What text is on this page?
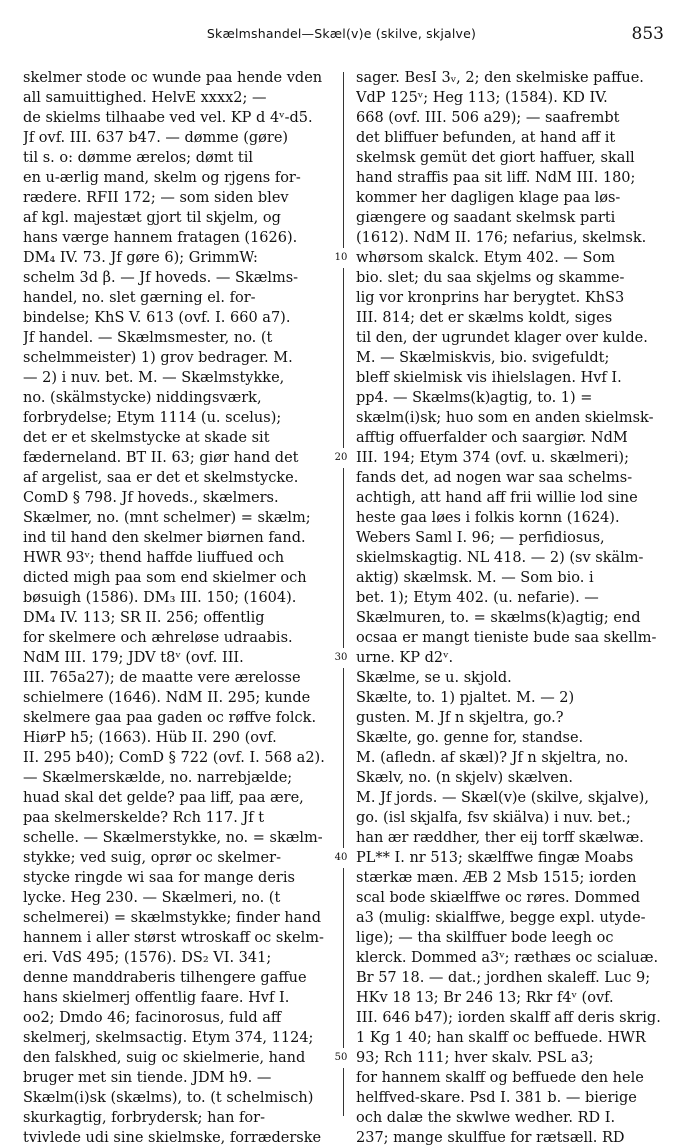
Skælmshandel—Skæl(v)e (skilve, skjalve)	853
skelmer stode oc wunde paa hende vden
all samuittighed. HelvE xxxx2; —
de skielms tilhaabe ved vel. KP d 4ᵛ-d5.
Jf ovf. III. 637 b47. — dømme (gøre)
til s. o: dømme ærelos; dømt til
en u-ærlig mand, skelm og rjgens for-
rædere. RFII 172; — som siden blev
af kgl. majestæt gjort til skjelm, og
hans værge hannem fratagen (1626).
DM₄ IV. 73. Jf gøre 6); GrimmW:
schelm 3d β. — Jf hoveds. — Skælms-
handel, no. slet gærning el. for-
bindelse; KhS V. 613 (ovf. I. 660 a7).
Jf handel. — Skælmsmester, no. (t
schelmmeister) 1) grov bedrager. M.
— 2) i nuv. bet. M. — Skælmstykke,
no. (skälmstycke) niddingsværk,
forbrydelse; Etym 1114 (u. scelus);
det er et skelmstycke at skade sit
fæderneland. BT II. 63; giør hand det
af argelist, saa er det et skelmstycke.
ComD § 798. Jf hoveds., skælmers.
Skælmer, no. (mnt schelmer) = skælm;
ind til hand den skelmer biørnen fand.
HWR 93ᵛ; thend haffde liuffued och
dicted migh paa som end skielmer och
bøsuigh (1586). DM₃ III. 150; (1604).
DM₄ IV. 113; SR II. 256; offentlig
for skelmere och æhreløse udraabis.
NdM III. 179; JDV t8ᵛ (ovf. III.
III. 765a27); de maatte vere ærelosse
schielmere (1646). NdM II. 295; kunde
skelmere gaa paa gaden oc røffve folck.
HiørP h5; (1663). Hüb II. 290 (ovf.
II. 295 b40); ComD § 722 (ovf. I. 568 a2).
— Skælmerskælde, no. narrebjælde;
huad skal det gelde? paa liff, paa ære,
paa skelmerskelde? Rch 117. Jf t
schelle. — Skælmerstykke, no. = skælm-
stykke; ved suig, oprør oc skelmer-
stycke ringde wi saa for mange deris
lycke. Heg 230. — Skælmeri, no. (t
schelmerei) = skælmstykke; finder hand
hannem i aller størst wtroskaff oc skelm-
eri. VdS 495; (1576). DS₂ VI. 341;
denne manddraberis tilhengere gaffue
hans skielmerj offentlig faare. Hvf I.
oo2; Dmdo 46; facinorosus, fuld aff
skelmerj, skelmsactig. Etym 374, 1124;
den falskhed, suig oc skielmerie, hand
bruger met sin tiende. JDM h9. —
Skælm(i)sk (skælms), to. (t schelmisch)
skurkagtig, forbrydersk; han for-
tvivlede udi sine skielmske, forræderske
sager. BesI 3ᵥ, 2; den skelmiske paffue.
VdP 125ᵛ; Heg 113; (1584). KD IV.
668 (ovf. III. 506 a29); — saafrembt
det bliffuer befunden, at hand aff it
skelmsk gemüt det giort haffuer, skall
hand straffis paa sit liff. NdM III. 180;
kommer her dagligen klage paa løs-
giængere og saadant skelmsk parti
(1612). NdM II. 176; nefarius, skelmsk.
whørsom skalck. Etym 402. — Som
bio. slet; du saa skjelms og skamme-
lig vor kronprins har berygtet. KhS3
III. 814; det er skælms koldt, siges
til den, der ugrundet klager over kulde.
M. — Skælmiskvis, bio. svigefuldt;
bleff skielmisk vis ihielslagen. Hvf I.
pp4. — Skælms(k)agtig, to. 1) =
skælm(i)sk; huo som en anden skielmsk-
afftig offuerfalder och saargiør. NdM
III. 194; Etym 374 (ovf. u. skælmeri);
fands det, ad nogen war saa schelms-
achtigh, att hand aff frii willie lod sine
heste gaa løes i folkis kornn (1624).
Webers Saml I. 96; — perfidiosus,
skielmskagtig. NL 418. — 2) (sv skälm-
aktig) skælmsk. M. — Som bio. i
bet. 1); Etym 402. (u. nefarie). —
Skælmuren, to. = skælms(k)agtig; end
ocsaa er mangt tieniste bude saa skellm-
urne. KP d2ᵛ.
Skælme, se u. skjold.
Skælte, to. 1) pjaltet. M. — 2)
gusten. M. Jf n skjeltra, go.?
Skælte, go. genne for, standse.
M. (afledn. af skæl)? Jf n skjeltra, no.
Skælv, no. (n skjelv) skælven.
M. Jf jords. — Skæl(v)e (skilve, skjalve),
go. (isl skjalfa, fsv skiälva) i nuv. bet.;
han ær ræddher, ther eij torff skælwæ.
PL** I. nr 513; skælffwe fingæ Moabs
stærkæ mæn. ÆB 2 Msb 1515; iorden
scal bode skiælffwe oc røres. Dommed
a3 (mulig: skialffwe, begge expl. utyde-
lige); — tha skilffuer bode leegh oc
klerck. Dommed a3ᵛ; ræthæs oc scialuæ.
Br 57 18. — dat.; jordhen skaleff. Luc 9;
HKv 18 13; Br 246 13; Rkr f4ᵛ (ovf.
III. 646 b47); iorden skalff aff deris skrig.
1 Kg 1 40; han skalff oc beffuede. HWR
93; Rch 111; hver skalv. PSL a3;
for hannem skalff og beffuede den hele
helffved-skare. Psd I. 381 b. — bierige
och dalæ the skwlwe wedher. RD I.
237; mange skulffue for rætsæll. RD
10
20
30
40
50
